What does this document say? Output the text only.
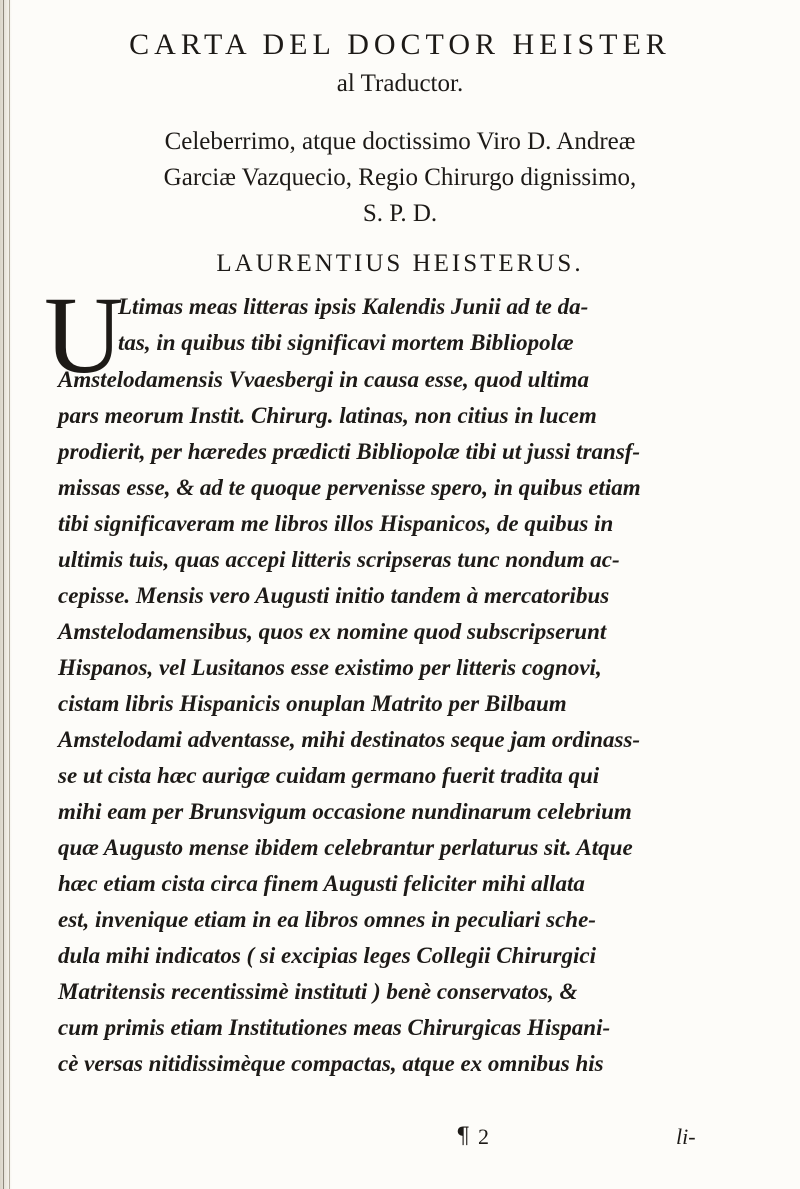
CARTA DEL DOCTOR HEISTER
al Traductor.
Celeberrimo, atque doctissimo Viro D. Andreæ
Garciæ Vazquecio, Regio Chirurgo dignissimo,
S. P. D.
LAURENTIUS HEISTERUS.
U
Ltimas meas litteras ipsis Kalendis Junii ad te da-
tas, in quibus tibi significavi mortem Bibliopolæ
Amstelodamensis Vvaesbergi in causa esse, quod ultima
pars meorum Instit. Chirurg. latinas, non citius in lucem
prodierit, per hæredes prædicti Bibliopolæ tibi ut jussi transf-
missas esse, & ad te quoque pervenisse spero, in quibus etiam
tibi significaveram me libros illos Hispanicos, de quibus in
ultimis tuis, quas accepi litteris scripseras tunc nondum ac-
cepisse. Mensis vero Augusti initio tandem à mercatoribus
Amstelodamensibus, quos ex nomine quod subscripserunt
Hispanos, vel Lusitanos esse existimo per litteris cognovi,
cistam libris Hispanicis onuplan Matrito per Bilbaum
Amstelodami adventasse, mihi destinatos seque jam ordinass-
se ut cista hæc aurigæ cuidam germano fuerit tradita qui
mihi eam per Brunsvigum occasione nundinarum celebrium
quæ Augusto mense ibidem celebrantur perlaturus sit. Atque
hæc etiam cista circa finem Augusti feliciter mihi allata
est, invenique etiam in ea libros omnes in peculiari sche-
dula mihi indicatos ( si excipias leges Collegii Chirurgici
Matritensis recentissimè instituti ) benè conservatos, &
cum primis etiam Institutiones meas Chirurgicas Hispani-
cè versas nitidissimèque compactas, atque ex omnibus his
¶ 2	li-
